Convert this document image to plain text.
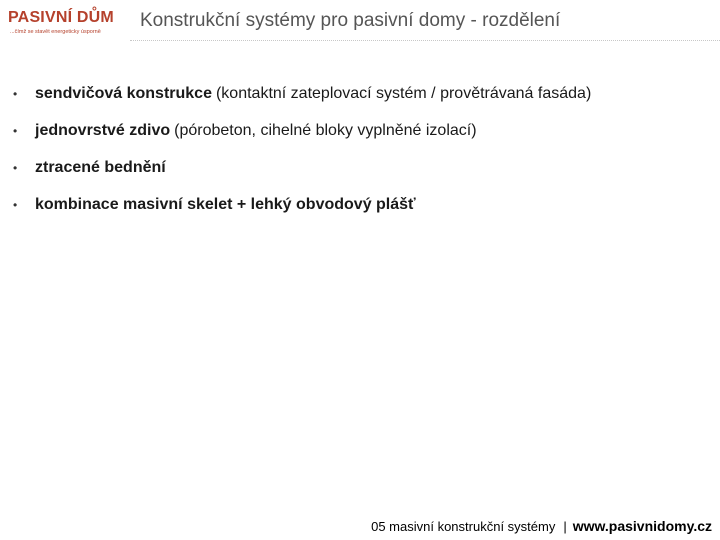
PASIVNÍ DŮM
...čímž se stavět energeticky úsporně
Konstrukční systémy pro pasivní domy - rozdělení
•	sendvičová konstrukce (kontaktní zateplovací systém / provětrávaná fasáda)
•	jednovrstvé zdivo (pórobeton, cihelné bloky vyplněné izolací)
•	ztracené bednění
•	kombinace masivní skelet + lehký obvodový plášť
05 masivní konstrukční systémy | www.pasivnidomy.cz
